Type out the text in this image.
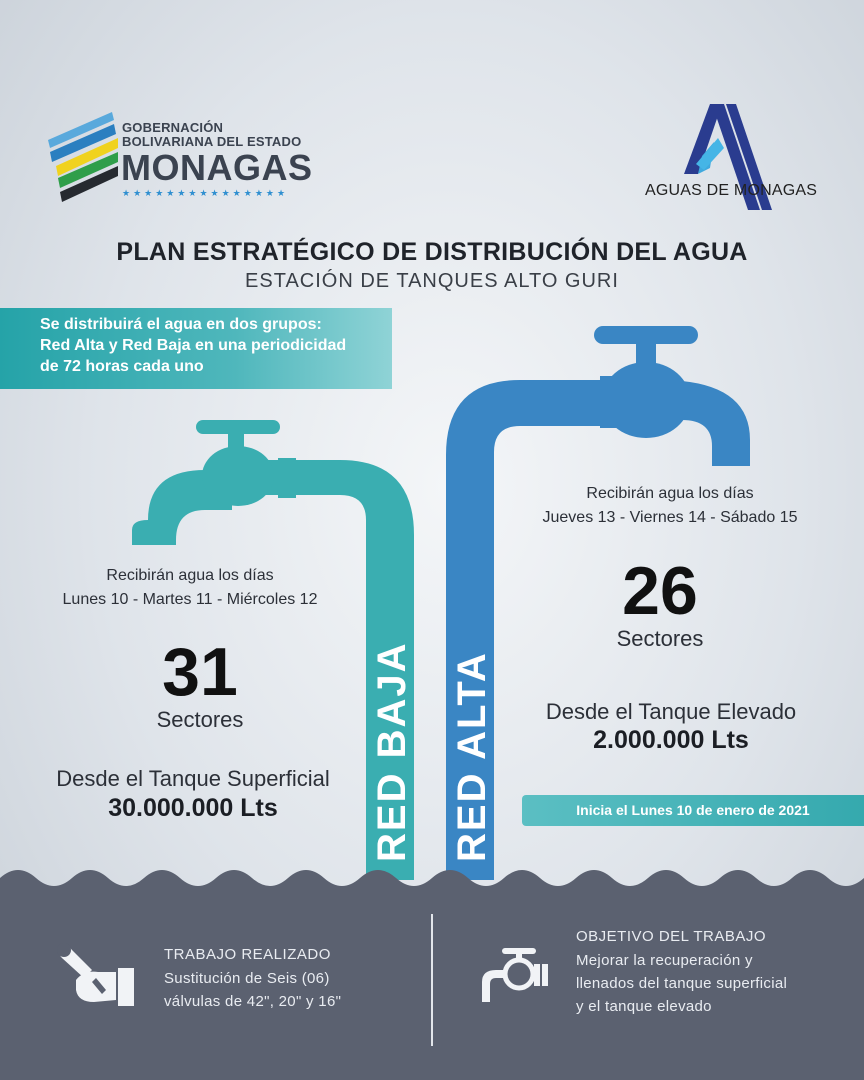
GOBERNACIÓN
BOLIVARIANA DEL ESTADO
MONAGAS
★★★★★★★★★★★★★★★	AGUAS DE MONAGAS
PLAN ESTRATÉGICO DE DISTRIBUCIÓN DEL AGUA
ESTACIÓN DE TANQUES ALTO GURI
Se distribuirá el agua en dos grupos:
Red Alta y Red Baja en una periodicidad
de 72 horas cada uno
RED BAJA RED ALTA
Recibirán agua los días
Lunes 10 - Martes 11 - Miércoles 12
31
Sectores
Desde el Tanque Superficial
30.000.000 Lts
Recibirán agua los días
Jueves 13 - Viernes 14 - Sábado 15
26
Sectores
Desde el Tanque Elevado
2.000.000 Lts
Inicia el Lunes 10 de enero de 2021
TRABAJO REALIZADO
Sustitución de Seis (06)
válvulas de 42", 20" y 16"
OBJETIVO DEL TRABAJO
Mejorar la recuperación y
llenados del tanque superficial
y el tanque elevado
